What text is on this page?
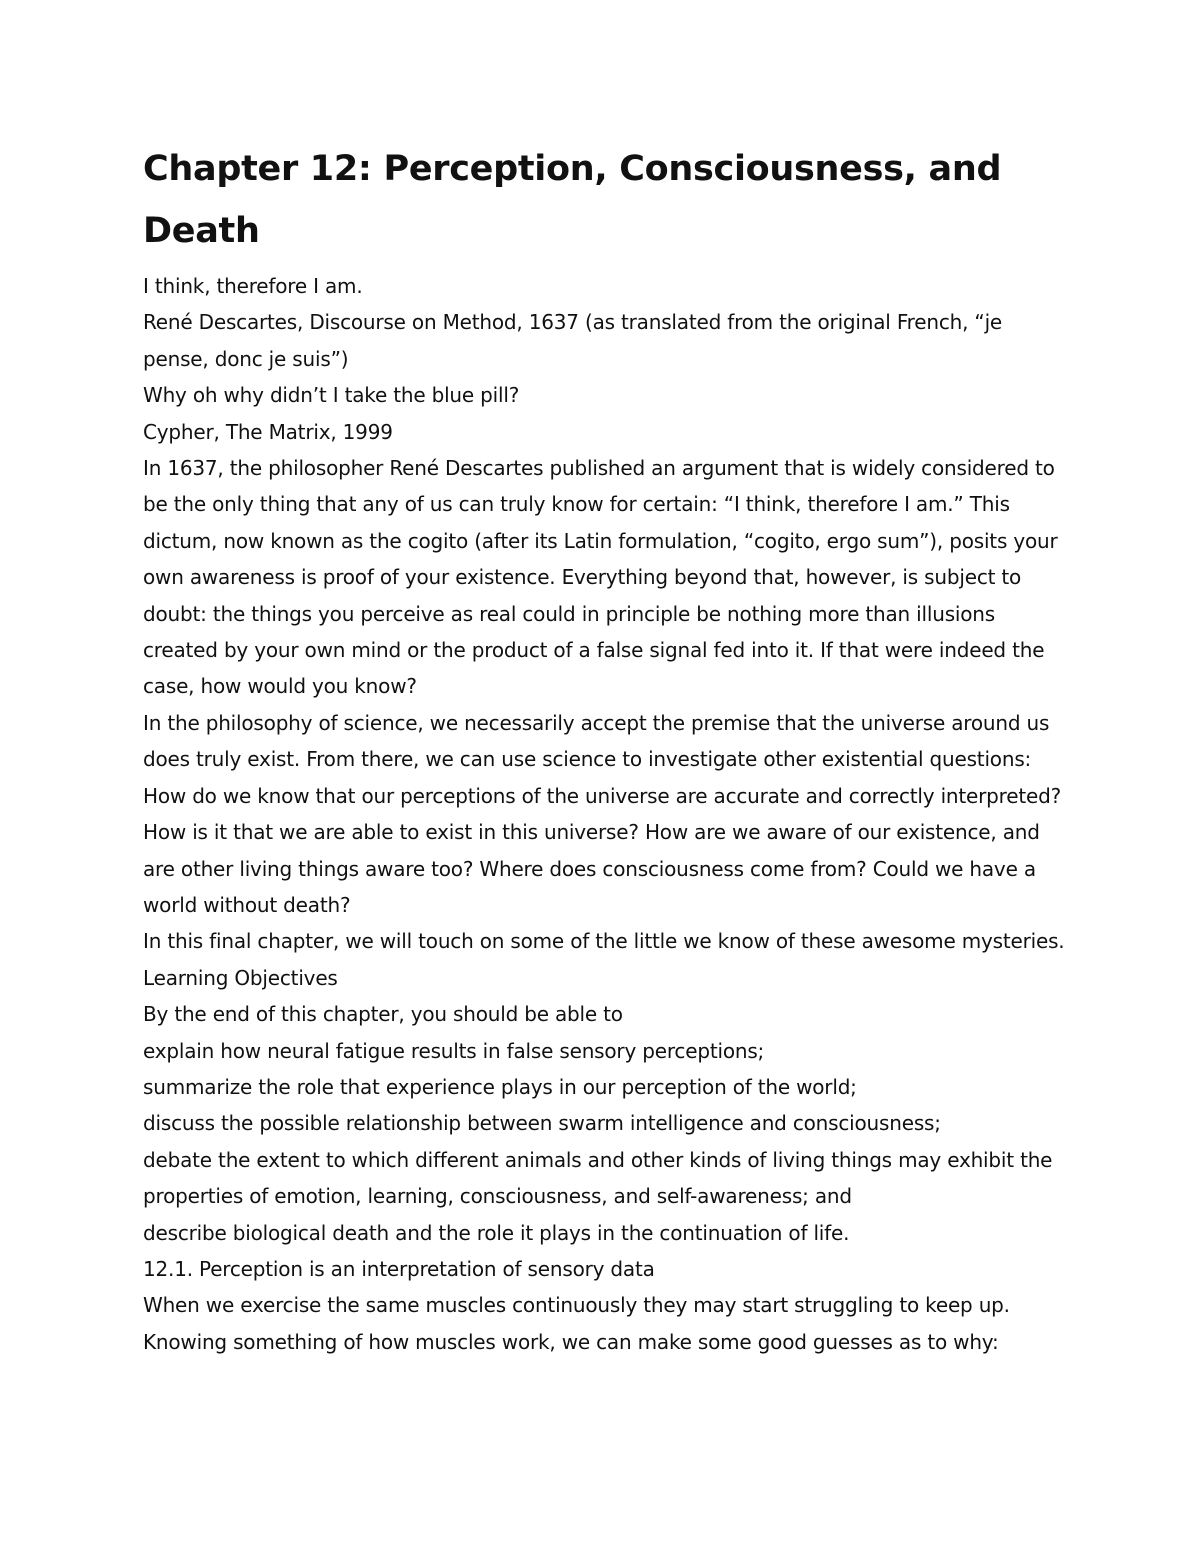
Chapter 12: Perception, Consciousness, and Death

I think, therefore I am.

René Descartes, Discourse on Method, 1637 (as translated from the original French, “je pense, donc je suis”)

Why oh why didn’t I take the blue pill?

Cypher, The Matrix, 1999

In 1637, the philosopher René Descartes published an argument that is widely considered to be the only thing that any of us can truly know for certain: “I think, therefore I am.” This dictum, now known as the cogito (after its Latin formulation, “cogito, ergo sum”), posits your own awareness is proof of your existence. Everything beyond that, however, is subject to doubt: the things you perceive as real could in principle be nothing more than illusions created by your own mind or the product of a false signal fed into it. If that were indeed the case, how would you know?

In the philosophy of science, we necessarily accept the premise that the universe around us does truly exist. From there, we can use science to investigate other existential questions: How do we know that our perceptions of the universe are accurate and correctly interpreted? How is it that we are able to exist in this universe? How are we aware of our existence, and are other living things aware too? Where does consciousness come from? Could we have a world without death?

In this final chapter, we will touch on some of the little we know of these awesome mysteries.

Learning Objectives

By the end of this chapter, you should be able to

explain how neural fatigue results in false sensory perceptions;

summarize the role that experience plays in our perception of the world;

discuss the possible relationship between swarm intelligence and consciousness;

debate the extent to which different animals and other kinds of living things may exhibit the properties of emotion, learning, consciousness, and self-awareness; and

describe biological death and the role it plays in the continuation of life.

12.1. Perception is an interpretation of sensory data

When we exercise the same muscles continuously they may start struggling to keep up. Knowing something of how muscles work, we can make some good guesses as to why:
